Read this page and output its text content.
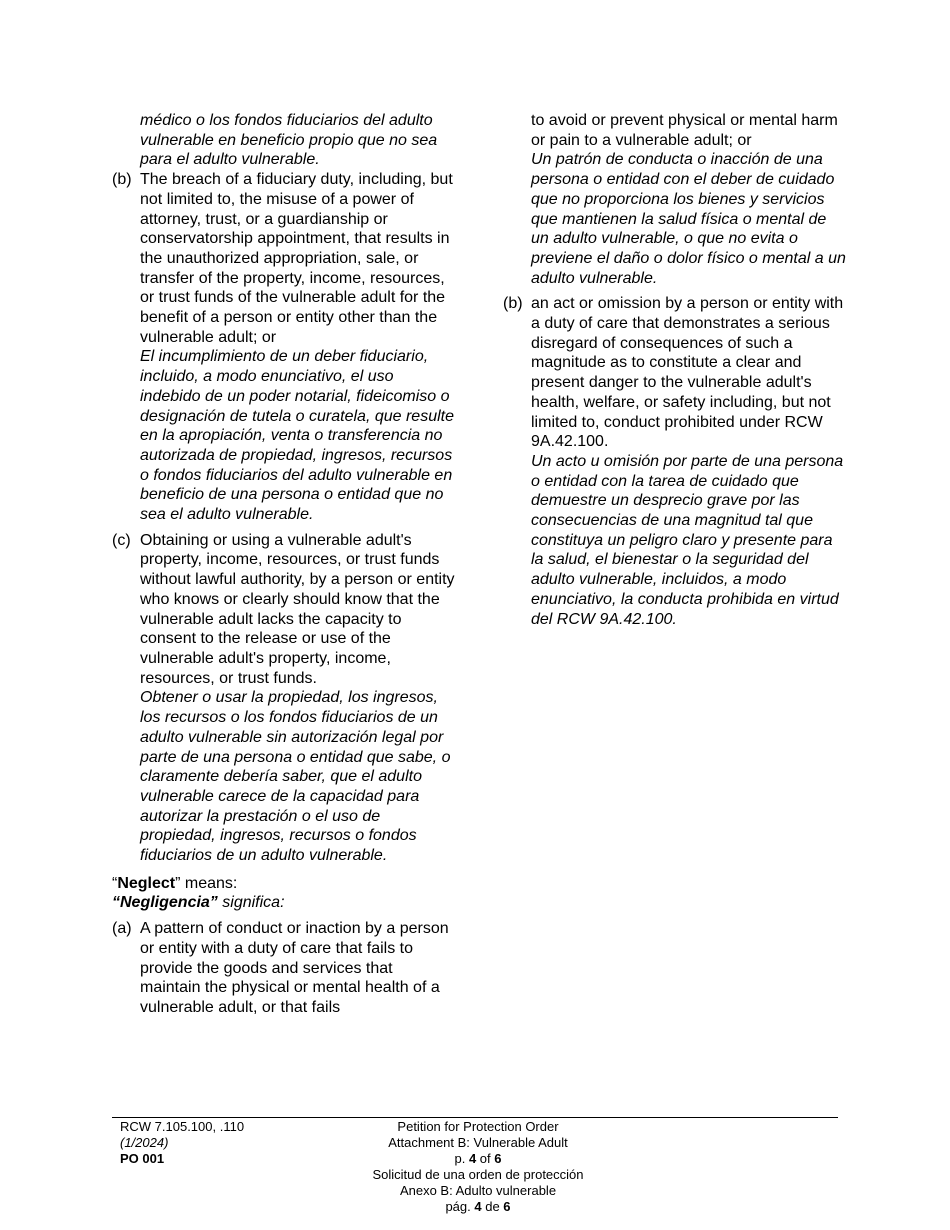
médico o los fondos fiduciarios del adulto vulnerable en beneficio propio que no sea para el adulto vulnerable.
(b) The breach of a fiduciary duty, including, but not limited to, the misuse of a power of attorney, trust, or a guardianship or conservatorship appointment, that results in the unauthorized appropriation, sale, or transfer of the property, income, resources, or trust funds of the vulnerable adult for the benefit of a person or entity other than the vulnerable adult; or
El incumplimiento de un deber fiduciario, incluido, a modo enunciativo, el uso indebido de un poder notarial, fideicomiso o designación de tutela o curatela, que resulte en la apropiación, venta o transferencia no autorizada de propiedad, ingresos, recursos o fondos fiduciarios del adulto vulnerable en beneficio de una persona o entidad que no sea el adulto vulnerable.
(c) Obtaining or using a vulnerable adult's property, income, resources, or trust funds without lawful authority, by a person or entity who knows or clearly should know that the vulnerable adult lacks the capacity to consent to the release or use of the vulnerable adult's property, income, resources, or trust funds.
Obtener o usar la propiedad, los ingresos, los recursos o los fondos fiduciarios de un adulto vulnerable sin autorización legal por parte de una persona o entidad que sabe, o claramente debería saber, que el adulto vulnerable carece de la capacidad para autorizar la prestación o el uso de propiedad, ingresos, recursos o fondos fiduciarios de un adulto vulnerable.
“Neglect” means:
“Negligencia” significa:
(a) A pattern of conduct or inaction by a person or entity with a duty of care that fails to provide the goods and services that maintain the physical or mental health of a vulnerable adult, or that fails
to avoid or prevent physical or mental harm or pain to a vulnerable adult; or
Un patrón de conducta o inacción de una persona o entidad con el deber de cuidado que no proporciona los bienes y servicios que mantienen la salud física o mental de un adulto vulnerable, o que no evita o previene el daño o dolor físico o mental a un adulto vulnerable.
(b) an act or omission by a person or entity with a duty of care that demonstrates a serious disregard of consequences of such a magnitude as to constitute a clear and present danger to the vulnerable adult's health, welfare, or safety including, but not limited to, conduct prohibited under RCW 9A.42.100.
Un acto u omisión por parte de una persona o entidad con la tarea de cuidado que demuestre un desprecio grave por las consecuencias de una magnitud tal que constituya un peligro claro y presente para la salud, el bienestar o la seguridad del adulto vulnerable, incluidos, a modo enunciativo, la conducta prohibida en virtud del RCW 9A.42.100.
RCW 7.105.100, .110
(1/2024)
PO 001
Petition for Protection Order
Attachment B: Vulnerable Adult
p. 4 of 6
Solicitud de una orden de protección
Anexo B: Adulto vulnerable
pág. 4 de 6
